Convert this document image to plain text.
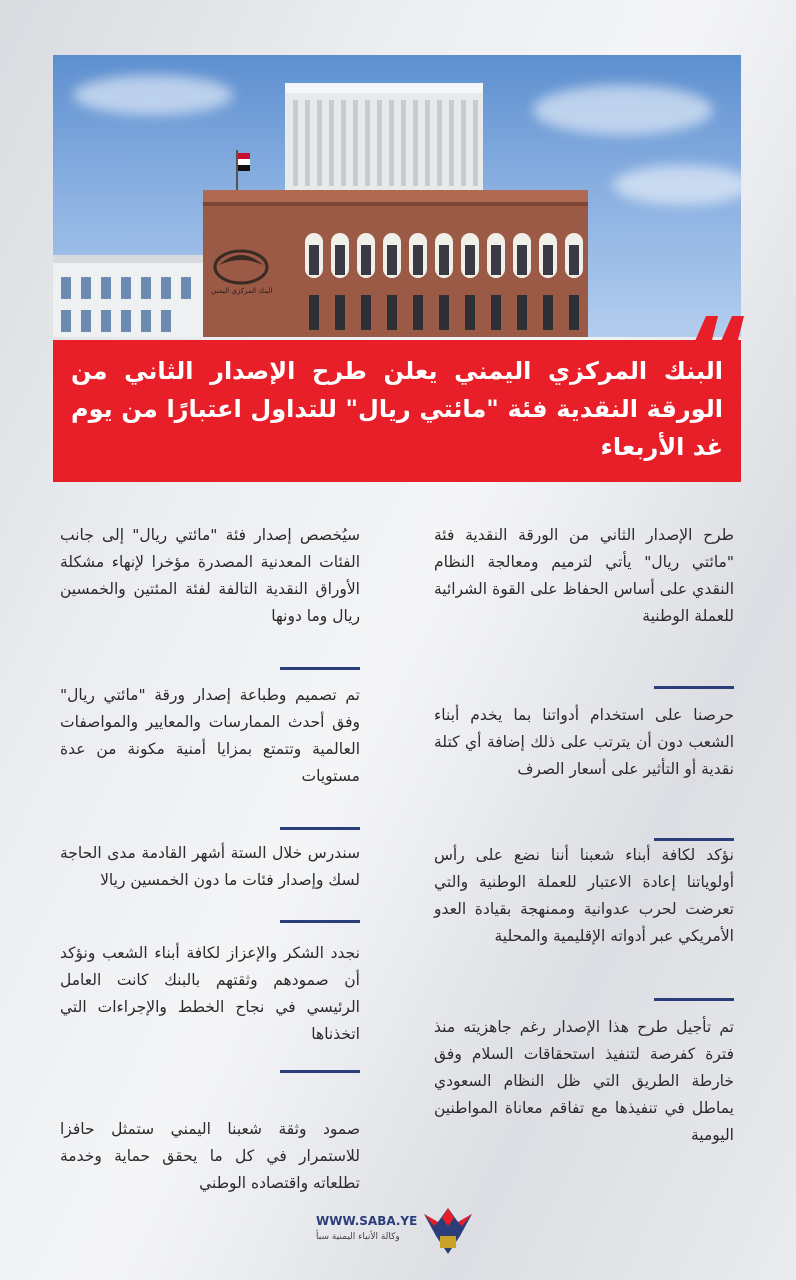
البنك المركزي اليمني

البنك المركزي اليمني يعلن طرح الإصدار الثاني من الورقة النقدية فئة "مائتي ريال" للتداول اعتبارًا من يوم غد الأربعاء

طرح الإصدار الثاني من الورقة النقدية فئة "مائتي ريال" يأتي لترميم ومعالجة النظام النقدي على أساس الحفاظ على القوة الشرائية للعملة الوطنية

حرصنا على استخدام أدواتنا بما يخدم أبناء الشعب دون أن يترتب على ذلك إضافة أي كتلة نقدية أو التأثير على أسعار الصرف

نؤكد لكافة أبناء شعبنا أننا نضع على رأس أولوياتنا إعادة الاعتبار للعملة الوطنية والتي تعرضت لحرب عدوانية وممنهجة بقيادة العدو الأمريكي عبر أدواته الإقليمية والمحلية

تم تأجيل طرح هذا الإصدار رغم جاهزيته منذ فترة كفرصة لتنفيذ استحقاقات السلام وفق خارطة الطريق التي ظل النظام السعودي يماطل في تنفيذها مع تفاقم معاناة المواطنين اليومية

سيُخصص إصدار فئة "مائتي ريال" إلى جانب الفئات المعدنية المصدرة مؤخرا لإنهاء مشكلة الأوراق النقدية التالفة لفئة المئتين والخمسين ريال وما دونها

تم تصميم وطباعة إصدار ورقة "مائتي ريال" وفق أحدث الممارسات والمعايير والمواصفات العالمية وتتمتع بمزايا أمنية مكونة من عدة مستويات

سندرس خلال الستة أشهر القادمة مدى الحاجة لسك وإصدار فئات ما دون الخمسين ريالا

نجدد الشكر والإعزاز لكافة أبناء الشعب ونؤكد أن صمودهم وثقتهم بالبنك كانت العامل الرئيسي في نجاح الخطط والإجراءات التي اتخذناها

صمود وثقة شعبنا اليمني ستمثل حافزا للاستمرار في كل ما يحقق حماية وخدمة تطلعاته واقتصاده الوطني

WWW.SABA.YE
وكالة الأنباء اليمنية سبأ
